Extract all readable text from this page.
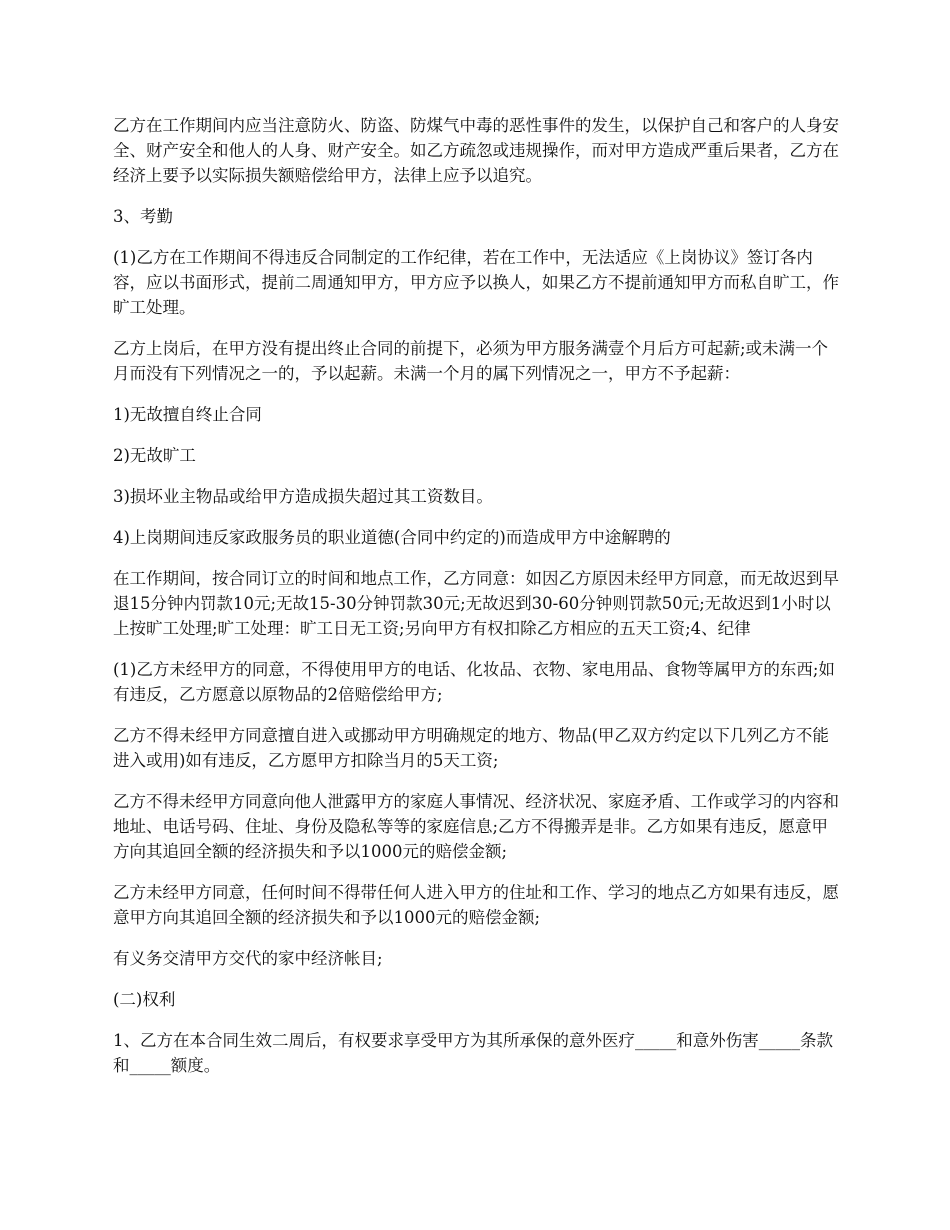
乙方在工作期间内应当注意防火、防盗、防煤气中毒的恶性事件的发生，以保护自己和客户的人身安全、财产安全和他人的人身、财产安全。如乙方疏忽或违规操作，而对甲方造成严重后果者，乙方在经济上要予以实际损失额赔偿给甲方，法律上应予以追究。

3、考勤

(1)乙方在工作期间不得违反合同制定的工作纪律，若在工作中，无法适应《上岗协议》签订各内容，应以书面形式，提前二周通知甲方，甲方应予以换人，如果乙方不提前通知甲方而私自旷工，作旷工处理。

乙方上岗后，在甲方没有提出终止合同的前提下，必须为甲方服务满壹个月后方可起薪;或未满一个月而没有下列情况之一的，予以起薪。未满一个月的属下列情况之一，甲方不予起薪：

1)无故擅自终止合同

2)无故旷工

3)损坏业主物品或给甲方造成损失超过其工资数目。

4)上岗期间违反家政服务员的职业道德(合同中约定的)而造成甲方中途解聘的

在工作期间，按合同订立的时间和地点工作，乙方同意：如因乙方原因未经甲方同意，而无故迟到早退15分钟内罚款10元;无故15-30分钟罚款30元;无故迟到30-60分钟则罚款50元;无故迟到1小时以上按旷工处理;旷工处理：旷工日无工资;另向甲方有权扣除乙方相应的五天工资;4、纪律

(1)乙方未经甲方的同意，不得使用甲方的电话、化妆品、衣物、家电用品、食物等属甲方的东西;如有违反，乙方愿意以原物品的2倍赔偿给甲方;

乙方不得未经甲方同意擅自进入或挪动甲方明确规定的地方、物品(甲乙双方约定以下几列乙方不能进入或用)如有违反，乙方愿甲方扣除当月的5天工资;

乙方不得未经甲方同意向他人泄露甲方的家庭人事情况、经济状况、家庭矛盾、工作或学习的内容和地址、电话号码、住址、身份及隐私等等的家庭信息;乙方不得搬弄是非。乙方如果有违反，愿意甲方向其追回全额的经济损失和予以1000元的赔偿金额;

乙方未经甲方同意，任何时间不得带任何人进入甲方的住址和工作、学习的地点乙方如果有违反，愿意甲方向其追回全额的经济损失和予以1000元的赔偿金额;

有义务交清甲方交代的家中经济帐目;

(二)权利

1、乙方在本合同生效二周后，有权要求享受甲方为其所承保的意外医疗_____和意外伤害_____条款和_____额度。
